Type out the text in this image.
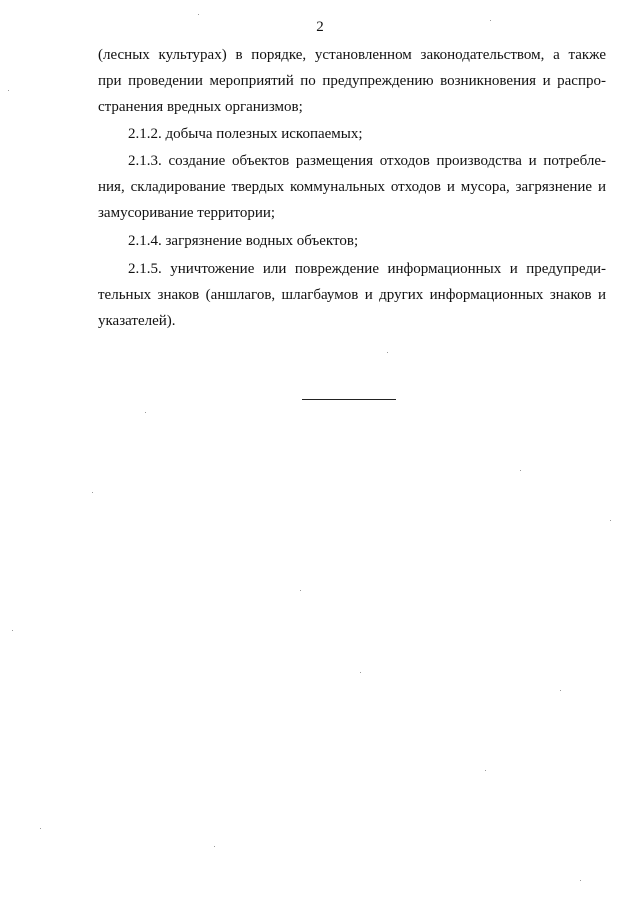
2
(лесных культурах) в порядке, установленном законодательством, а также
при проведении мероприятий по предупреждению возникновения и распро-
странения вредных организмов;
2.1.2. добыча полезных ископаемых;
2.1.3. создание объектов размещения отходов производства и потребле-
ния, складирование твердых коммунальных отходов и мусора, загрязнение и
замусоривание территории;
2.1.4. загрязнение водных объектов;
2.1.5. уничтожение или повреждение информационных и предупреди-
тельных знаков (аншлагов, шлагбаумов и других информационных знаков и
указателей).
